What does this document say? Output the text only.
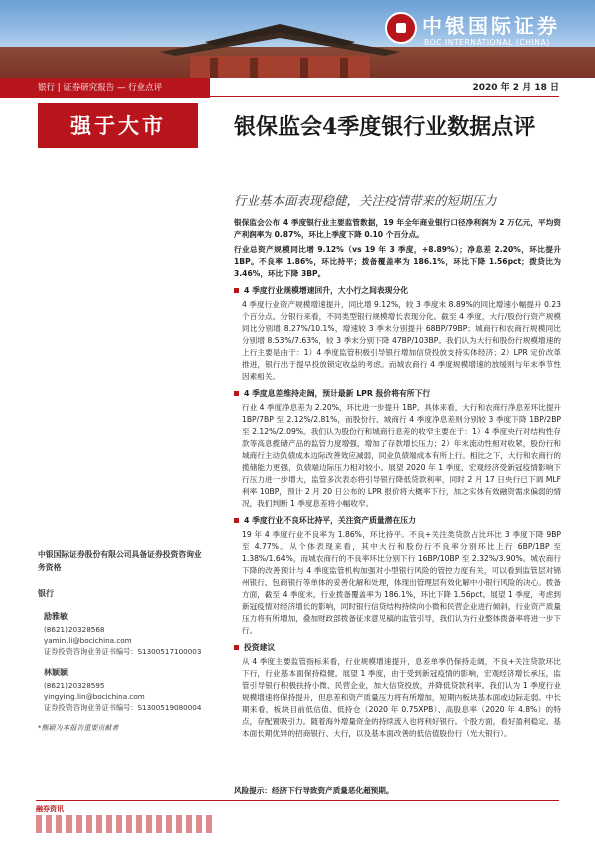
中银国际证券
BOC INTERNATIONAL (CHINA)
银行 | 证券研究报告 — 行业点评	2020 年 2 月 18 日
强于大市	银保监会4季度银行业数据点评
行业基本面表现稳健，关注疫情带来的短期压力

银保监会公布 4 季度银行业主要监管数据，19 年全年商业银行口径净利润为 2 万亿元，平均资产利润率为 0.87%，环比上季度下降 0.10 个百分点。

行业总资产规模同比增 9.12%（vs 19 年 3 季度，+8.89%）；净息差 2.20%，环比提升 1BP。不良率 1.86%，环比持平；拨备覆盖率为 186.1%，环比下降 1.56pct；拨贷比为 3.46%，环比下降 3BP。

4 季度行业规模增速回升，大小行之间表现分化

4 季度行业资产规模增速提升，同比增 9.12%，较 3 季度末 8.89%的同比增速小幅提升 0.23 个百分点。分银行来看，不同类型银行规模增长表现分化。截至 4 季度，大行/股份行资产规模同比分别增 8.27%/10.1%，增速较 3 季末分别提升 68BP/79BP；城商行和农商行规模同比分别增 8.53%/7.63%，较 3 季末分别下降 47BP/103BP。我们认为大行和股份行规模增速的上行主要是由于：1）4 季度监管积极引导银行增加信贷投放支持实体经济；2）LPR 定价改革推进，银行出于提早投放锁定收益的考虑。而城农商行 4 季度规模增速的放缓则与年末季节性因素相关。

4 季度息差维持走阔，预计最新 LPR 报价将有所下行

行业 4 季度净息差为 2.20%，环比进一步提升 1BP。具体来看，大行和农商行净息差环比提升 1BP/7BP 至 2.12%/2.81%，而股份行、城商行 4 季度净息差则分别较 3 季度下降 1BP/2BP 至 2.12%/2.09%。我们认为股份行和城商行息差的收窄主要在于：1）4 季度央行对结构性存款等高息揽储产品的监管力度增强，增加了存款增长压力；2）年末流动性相对收紧，股份行和城商行主动负债成本边际改善效应减弱，同业负债端成本有所上行。相比之下，大行和农商行的揽储能力更强，负债端边际压力相对较小。展望 2020 年 1 季度，宏观经济受新冠疫情影响下行压力进一步增大，监管多次表态将引导银行降低贷款利率，同时 2 月 17 日央行已下调 MLF 利率 10BP，预计 2 月 20 日公布的 LPR 报价将大概率下行，加之实体有效融资需求偏弱的情况，我们判断 1 季度息差将小幅收窄。

4 季度行业不良环比持平，关注资产质量潜在压力

19 年 4 季度行业不良率为 1.86%，环比持平。不良+关注类贷款占比环比 3 季度下降 9BP 至 4.77%。从个体表现来看，其中大行和股份行不良率分别环比上行 6BP/1BP 至 1.38%/1.64%，而城农商行的不良率环比分别下行 16BP/10BP 至 2.32%/3.90%。城农商行下降的改善预计与 4 季度监管机构加强对小型银行风险的管控力度有关，可以看到监管层对锦州银行、包商银行等单体的妥善化解和处理，体现出管理层有效化解中小银行风险的决心。拨备方面，截至 4 季度末，行业拨备覆盖率为 186.1%，环比下降 1.56pct。展望 1 季度，考虑到新冠疫情对经济增长的影响，同时银行信贷结构持续向小微和民营企业进行倾斜，行业资产质量压力将有所增加，叠加财政部拨备征求意见稿的监管引导，我们认为行业整体拨备率将进一步下行。

投资建议

从 4 季度主要监管指标来看，行业规模增速提升，息差单季仍保持走阔，不良+关注贷款环比下行，行业基本面保持稳健。展望 1 季度，由于受到新冠疫情的影响，宏观经济增长承压，监管引导银行积极扶持小微、民营企业，加大信贷投放，并降低贷款利率。我们认为 1 季度行业规模增速将保持提升，但息差和资产质量压力将有所增加，短期内板块基本面或边际走弱。中长期来看，板块目前低估值、低持仓（2020 年 0.75XPB）、高股息率（2020 年 4.8%）的特点，存配置吸引力。随着海外增量资金的持续流入也将利好银行。个股方面，看好盈利稳定、基本面长期优异的招商银行、大行，以及基本面改善的低估值股份行（光大银行）。

风险提示：经济下行导致资产质量恶化超预期。
中银国际证券股份有限公司具备证券投资咨询业务资格
银行
励雅敏
(8621)20328568
yamin.li@bocichina.com
证券投资咨询业务证书编号：S1300517100003
林颖颖
(8621)20328595
yingying.lin@bocichina.com
证券投资咨询业务证书编号：S1300519080004
*熊颖为本报告重要贡献者
融券资讯
